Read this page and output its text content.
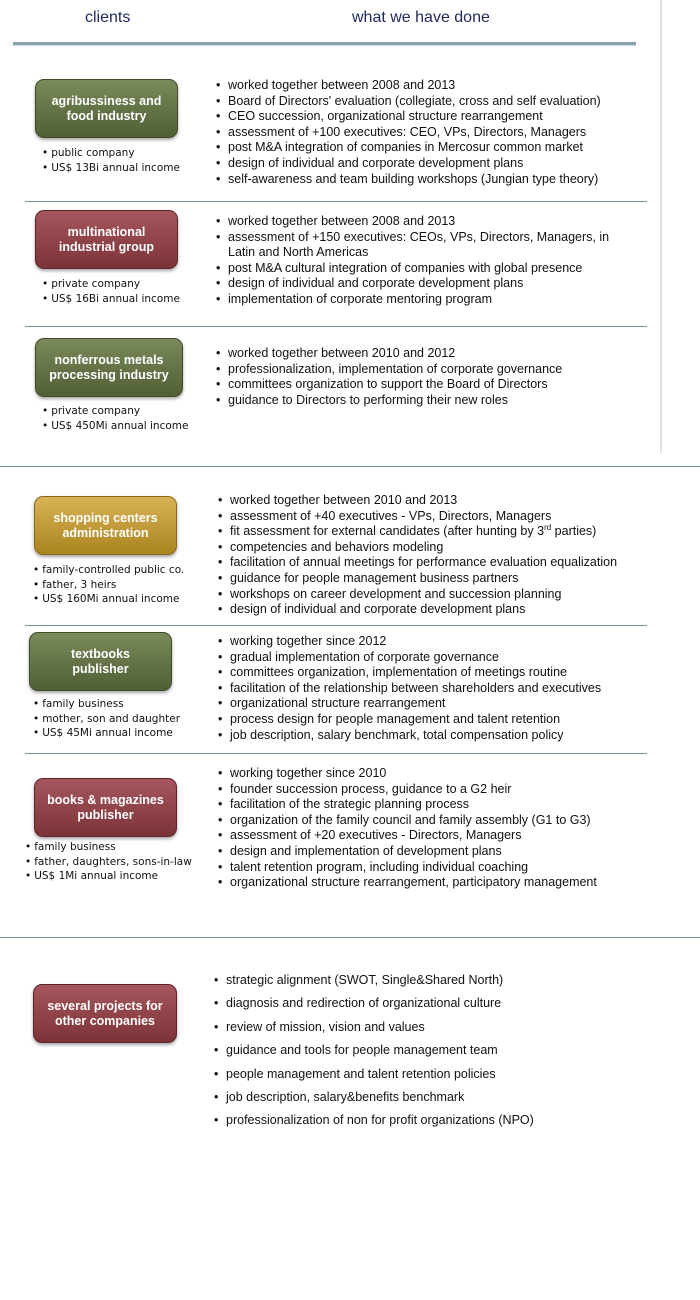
clients	what we have done
agribussiness and
food industry
• public company
• US$ 13Bi annual income
• worked together between 2008 and 2013
• Board of Directors' evaluation (collegiate, cross and self evaluation)
• CEO succession, organizational structure rearrangement
• assessment of +100 executives: CEO, VPs, Directors, Managers
• post M&A integration of companies in Mercosur common market
• design of individual and corporate development plans
• self-awareness and team building workshops (Jungian type theory)
multinational
industrial group
• private company
• US$ 16Bi annual income
• worked together between 2008 and 2013
• assessment of +150 executives: CEOs, VPs, Directors, Managers, in Latin and North Americas
• post M&A cultural integration of companies with global presence
• design of individual and corporate development plans
• implementation of corporate mentoring program
nonferrous metals
processing industry
• private company
• US$ 450Mi annual income
• worked together between 2010 and 2012
• professionalization, implementation of corporate governance
• committees organization to support the Board of Directors
• guidance to Directors to performing their new roles
shopping centers
administration
• family-controlled public co.
• father, 3 heirs
• US$ 160Mi annual income
• worked together between 2010 and 2013
• assessment of +40 executives - VPs, Directors, Managers
• fit assessment for external candidates (after hunting by 3rd parties)
• competencies and behaviors modeling
• facilitation of annual meetings for performance evaluation equalization
• guidance for people management business partners
• workshops on career development and succession planning
• design of individual and corporate development plans
textbooks
publisher
• family business
• mother, son and daughter
• US$ 45Mi annual income
• working together since 2012
• gradual implementation of corporate governance
• committees organization, implementation of meetings routine
• facilitation of the relationship between shareholders and executives
• organizational structure rearrangement
• process design for people management and talent retention
• job description, salary benchmark, total compensation policy
books & magazines
publisher
• family business
• father, daughters, sons-in-law
• US$ 1Mi annual income
• working together since 2010
• founder succession process, guidance to a G2 heir
• facilitation of the strategic planning process
• organization of the family council and family assembly (G1 to G3)
• assessment of +20 executives - Directors, Managers
• design and implementation of development plans
• talent retention program, including individual coaching
• organizational structure rearrangement, participatory management
several projects for
other companies
• strategic alignment (SWOT, Single&Shared North)
• diagnosis and redirection of organizational culture
• review of mission, vision and values
• guidance and tools for people management team
• people management and talent retention policies
• job description, salary&benefits benchmark
• professionalization of non for profit organizations (NPO)
